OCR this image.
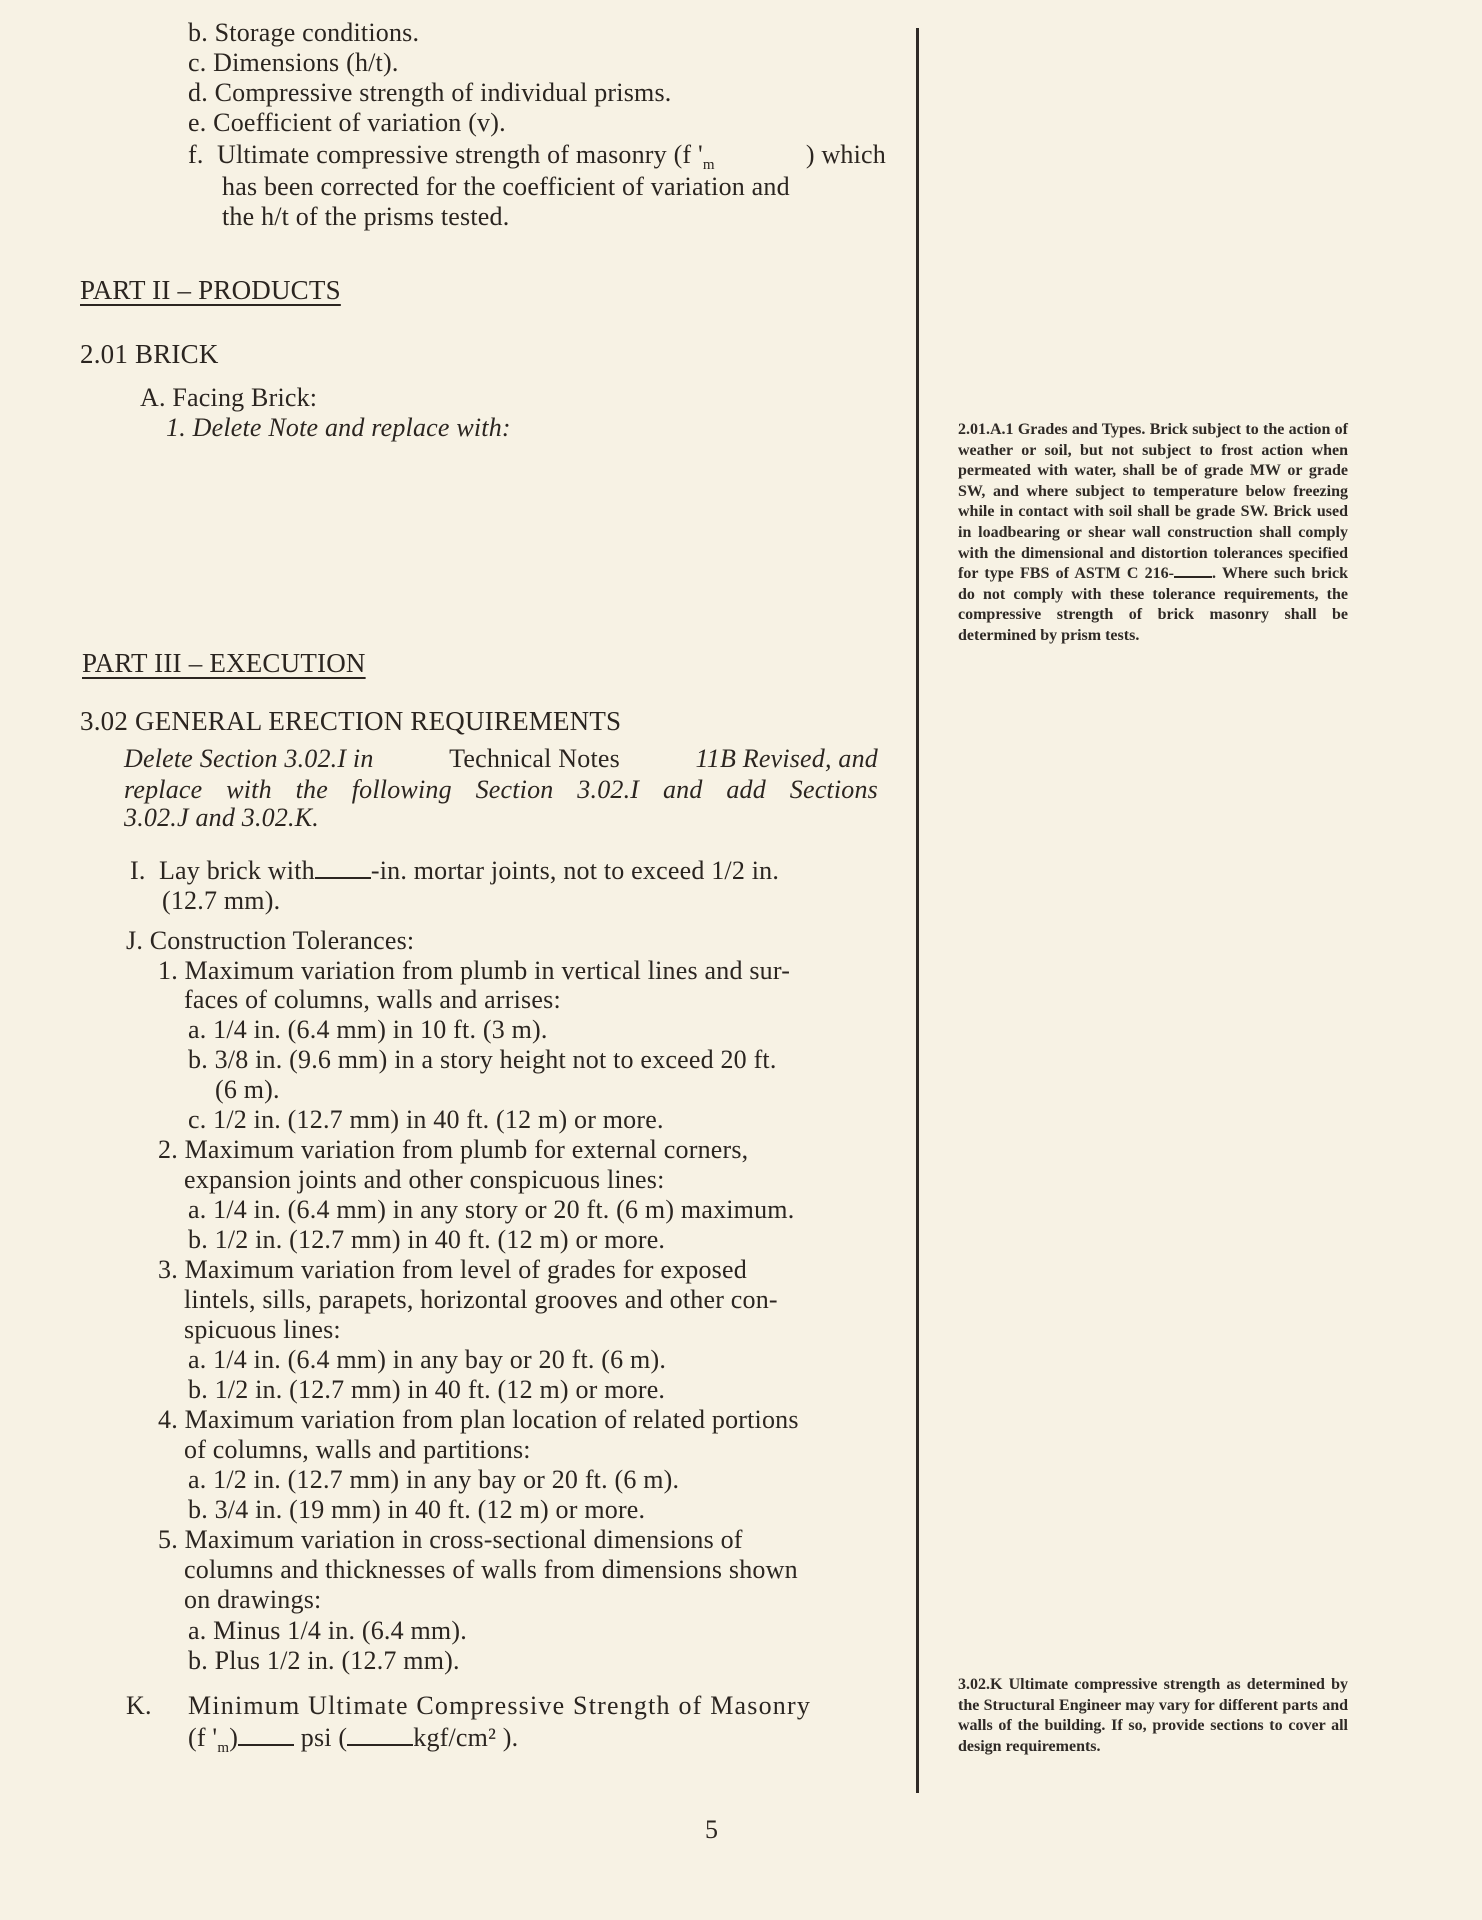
b. Storage conditions.
c. Dimensions (h/t).
d. Compressive strength of individual prisms.
e. Coefficient of variation (v).
f. Ultimate compressive strength of masonry (f '$_m$	) which
has been corrected for the coefficient of variation and
the h/t of the prisms tested.
PART II – PRODUCTS
2.01 BRICK
A. Facing Brick:
1. Delete Note and replace with:
PART III – EXECUTION
3.02 GENERAL ERECTION REQUIREMENTS
Delete Section 3.02.I in	Technical Notes	11B Revised, and
replace with the following Section 3.02.I and add Sections
3.02.J and 3.02.K.
I. Lay brick with -in. mortar joints, not to exceed 1/2 in.
(12.7 mm).
J. Construction Tolerances:
1. Maximum variation from plumb in vertical lines and sur-
faces of columns, walls and arrises:
a. 1/4 in. (6.4 mm) in 10 ft. (3 m).
b. 3/8 in. (9.6 mm) in a story height not to exceed 20 ft.
(6 m).
c. 1/2 in. (12.7 mm) in 40 ft. (12 m) or more.
2. Maximum variation from plumb for external corners,
expansion joints and other conspicuous lines:
a. 1/4 in. (6.4 mm) in any story or 20 ft. (6 m) maximum.
b. 1/2 in. (12.7 mm) in 40 ft. (12 m) or more.
3. Maximum variation from level of grades for exposed
lintels, sills, parapets, horizontal grooves and other con-
spicuous lines:
a. 1/4 in. (6.4 mm) in any bay or 20 ft. (6 m).
b. 1/2 in. (12.7 mm) in 40 ft. (12 m) or more.
4. Maximum variation from plan location of related portions
of columns, walls and partitions:
a. 1/2 in. (12.7 mm) in any bay or 20 ft. (6 m).
b. 3/4 in. (19 mm) in 40 ft. (12 m) or more.
5. Maximum variation in cross-sectional dimensions of
columns and thicknesses of walls from dimensions shown
on drawings:
a. Minus 1/4 in. (6.4 mm).
b. Plus 1/2 in. (12.7 mm).
K. Minimum Ultimate Compressive Strength of Masonry
(f '$_m$) psi (	kgf/cm² ).
5
2.01.A.1 Grades and Types. Brick subject to the action of weather or soil, but not subject to frost action when permeated with water, shall be of grade MW or grade SW, and where subject to temperature below freezing while in contact with soil shall be grade SW. Brick used in loadbearing or shear wall construction shall comply with the dimensional and distortion tolerances specified for type FBS of ASTM C 216- . Where such brick do not comply with these tolerance requirements, the compressive strength of brick masonry shall be determined by prism tests.
3.02.K Ultimate compressive strength as determined by the Structural Engineer may vary for different parts and walls of the building. If so, provide sections to cover all design requirements.
